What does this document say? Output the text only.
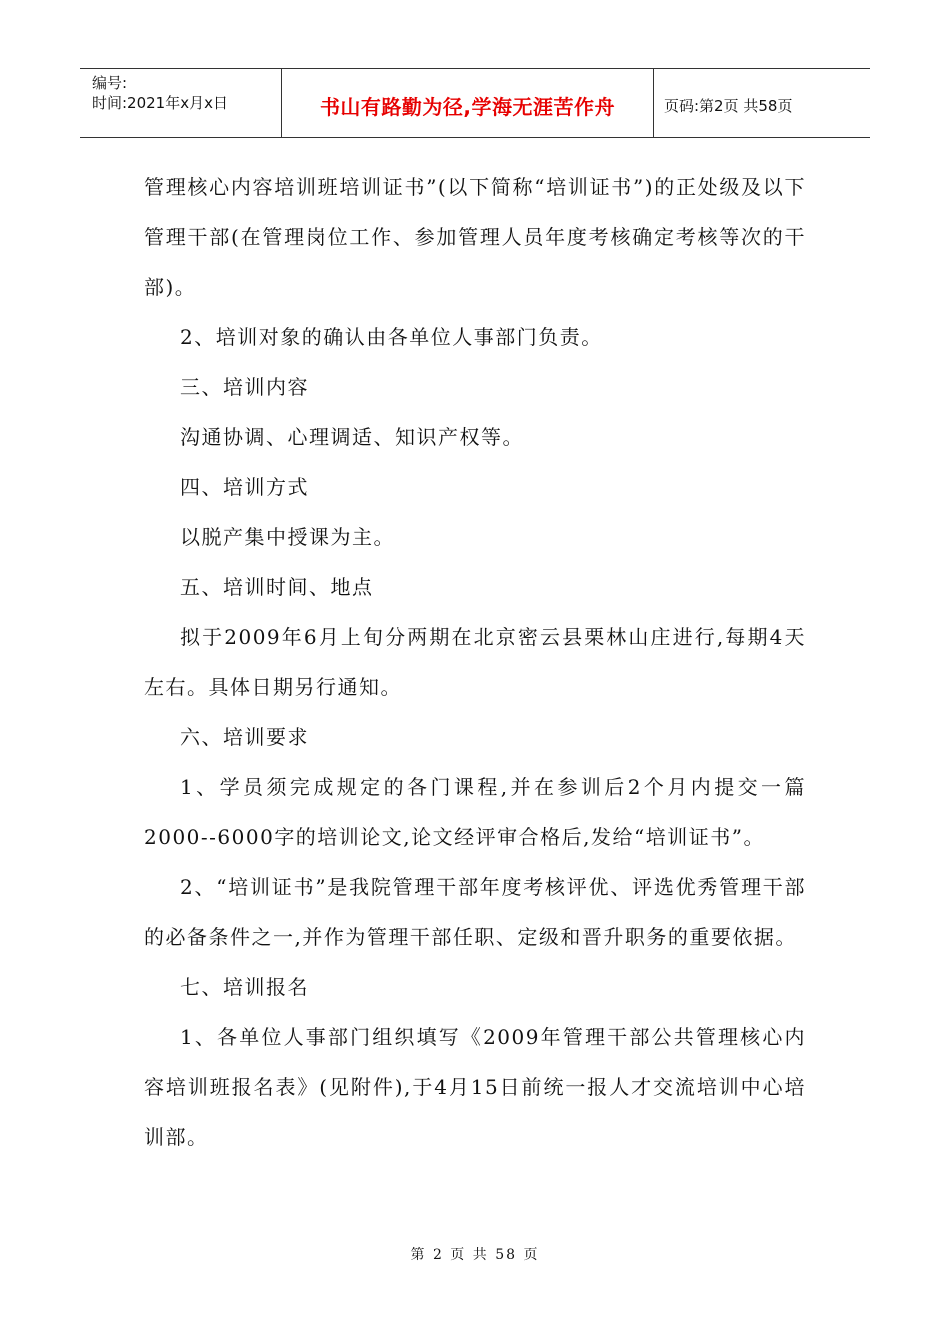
编号:
时间:2021年x月x日	书山有路勤为径,学海无涯苦作舟	页码:第2页 共58页

管理核心内容培训班培训证书”(以下简称“培训证书”)的正处级及以下管理干部(在管理岗位工作、参加管理人员年度考核确定考核等次的干部)。

2、培训对象的确认由各单位人事部门负责。

三、培训内容

沟通协调、心理调适、知识产权等。

四、培训方式

以脱产集中授课为主。

五、培训时间、地点

拟于2009年6月上旬分两期在北京密云县栗林山庄进行,每期4天左右。具体日期另行通知。

六、培训要求

1、学员须完成规定的各门课程,并在参训后2个月内提交一篇2000--6000字的培训论文,论文经评审合格后,发给“培训证书”。

2、“培训证书”是我院管理干部年度考核评优、评选优秀管理干部的必备条件之一,并作为管理干部任职、定级和晋升职务的重要依据。

七、培训报名

1、各单位人事部门组织填写《2009年管理干部公共管理核心内容培训班报名表》(见附件),于4月15日前统一报人才交流培训中心培训部。

第 2 页 共 58 页
